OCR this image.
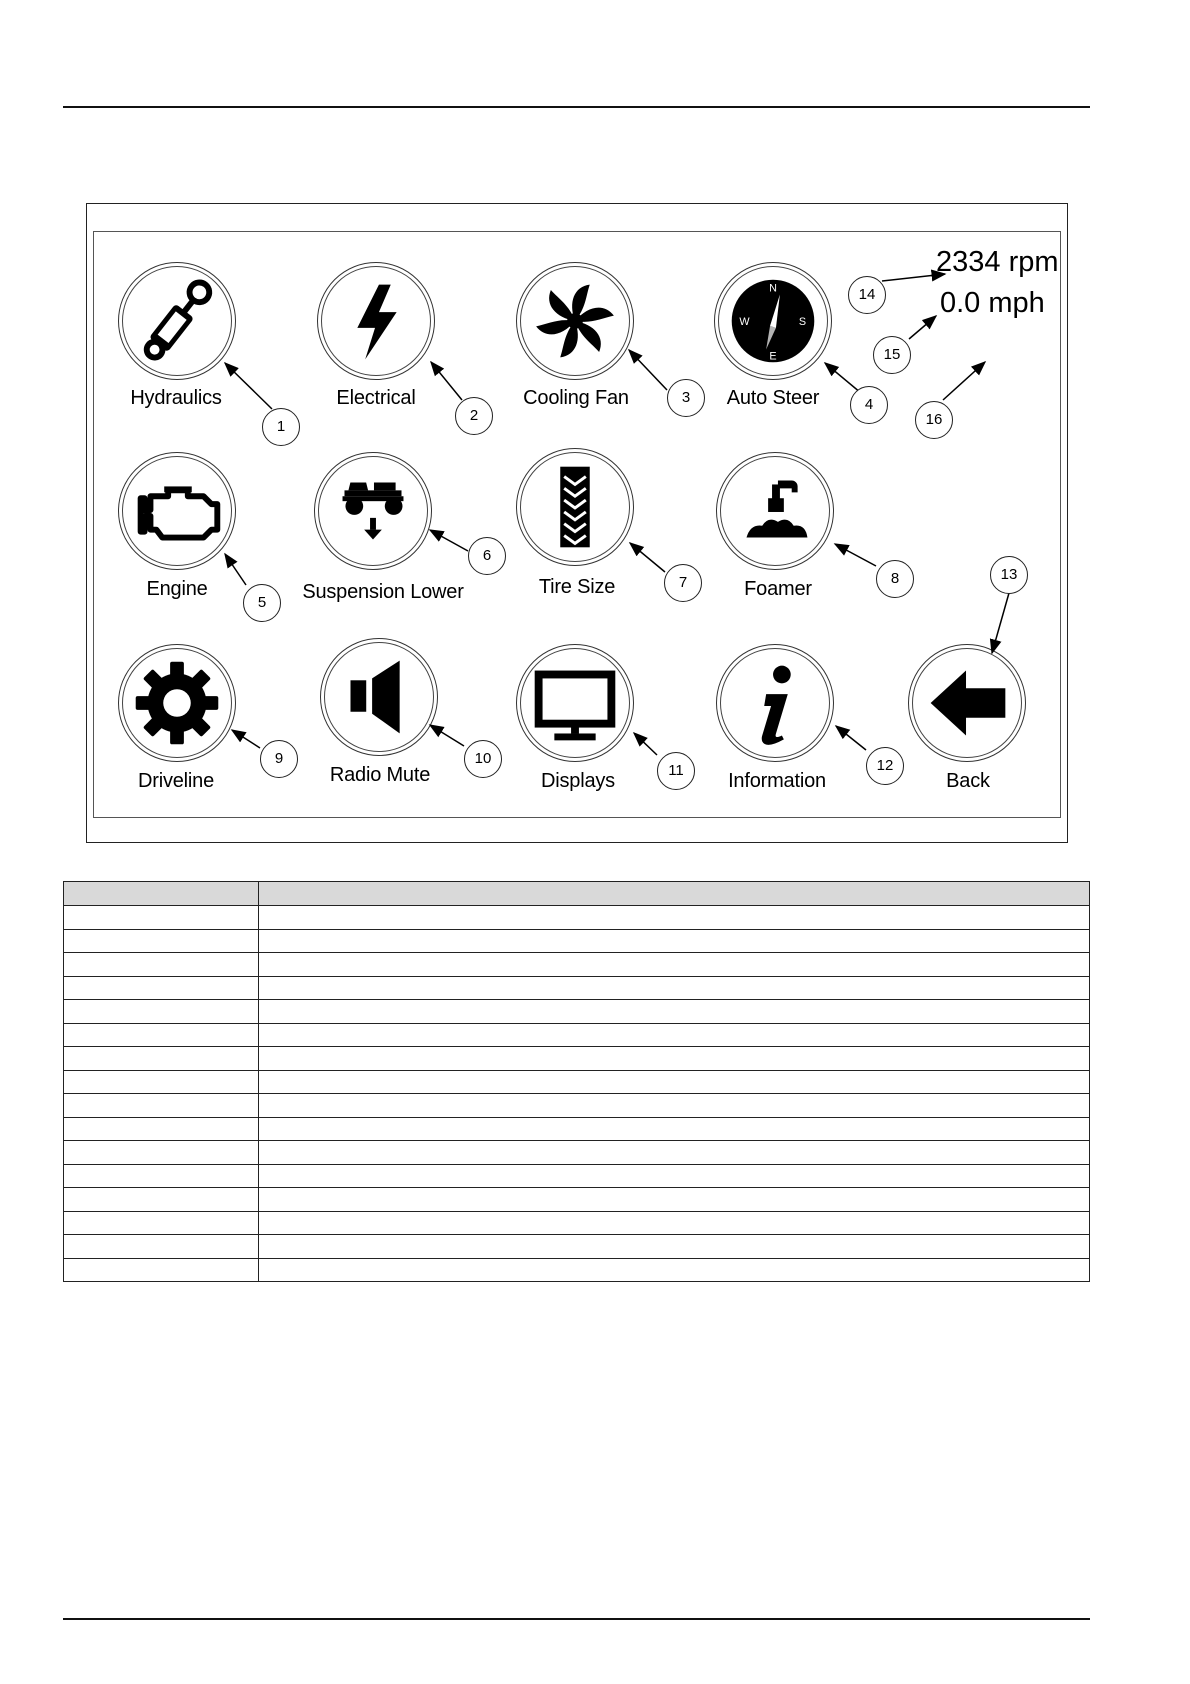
N
E
W	S
Hydraulics	Electrical	Cooling Fan	Auto Steer
Engine	Suspension Lower	Tire Size	Foamer
Driveline	Radio Mute	Displays	Information	Back
2334 rpm
0.0 mph
1
2
3	4
5
6
7	8
9	10
11	12
13
14
15
16
